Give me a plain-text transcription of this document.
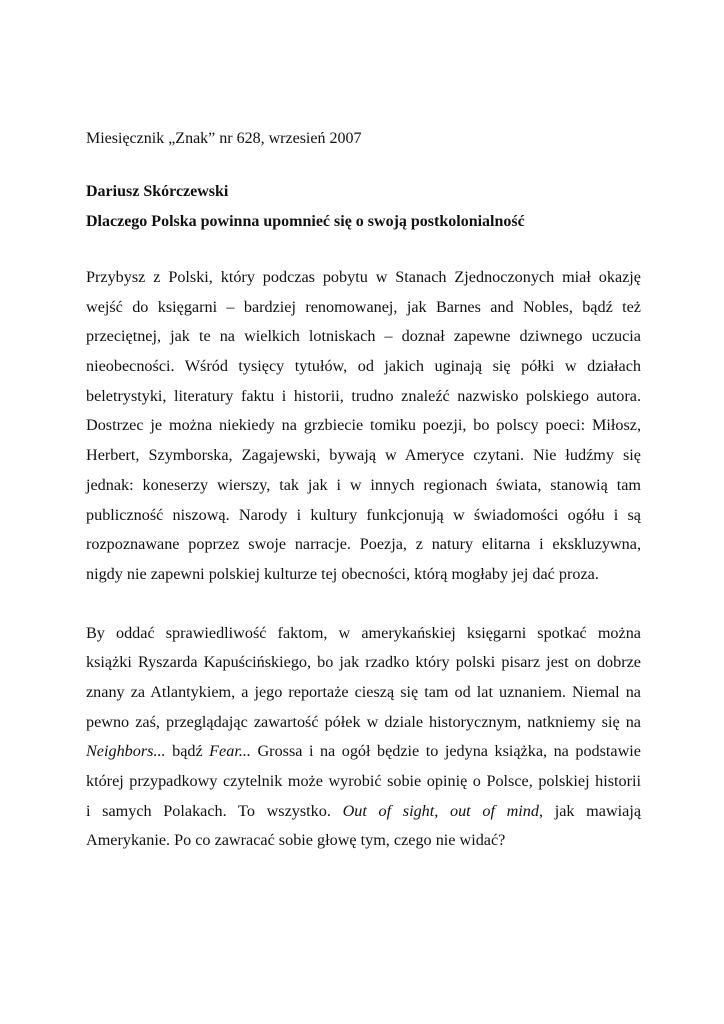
Miesięcznik „Znak” nr 628, wrzesień 2007

Dariusz Skórczewski

Dlaczego Polska powinna upomnieć się o swoją postkolonialność

Przybysz z Polski, który podczas pobytu w Stanach Zjednoczonych miał okazję
wejść do księgarni – bardziej renomowanej, jak Barnes and Nobles, bądź też
przeciętnej, jak te na wielkich lotniskach – doznał zapewne dziwnego uczucia
nieobecności. Wśród tysięcy tytułów, od jakich uginają się półki w działach
beletrystyki, literatury faktu i historii, trudno znaleźć nazwisko polskiego autora.
Dostrzec je można niekiedy na grzbiecie tomiku poezji, bo polscy poeci: Miłosz,
Herbert, Szymborska, Zagajewski, bywają w Ameryce czytani. Nie łudźmy się
jednak: koneserzy wierszy, tak jak i w innych regionach świata, stanowią tam
publiczność niszową. Narody i kultury funkcjonują w świadomości ogółu i są
rozpoznawane poprzez swoje narracje. Poezja, z natury elitarna i ekskluzywna,
nigdy nie zapewni polskiej kulturze tej obecności, którą mogłaby jej dać proza.
By oddać sprawiedliwość faktom, w amerykańskiej księgarni spotkać można
książki Ryszarda Kapuścińskiego, bo jak rzadko który polski pisarz jest on dobrze
znany za Atlantykiem, a jego reportaże cieszą się tam od lat uznaniem. Niemal na
pewno zaś, przeglądając zawartość półek w dziale historycznym, natkniemy się na
Neighbors... bądź Fear... Grossa i na ogół będzie to jedyna książka, na podstawie
której przypadkowy czytelnik może wyrobić sobie opinię o Polsce, polskiej historii
i samych Polakach. To wszystko. Out of sight, out of mind, jak mawiają
Amerykanie. Po co zawracać sobie głowę tym, czego nie widać?
